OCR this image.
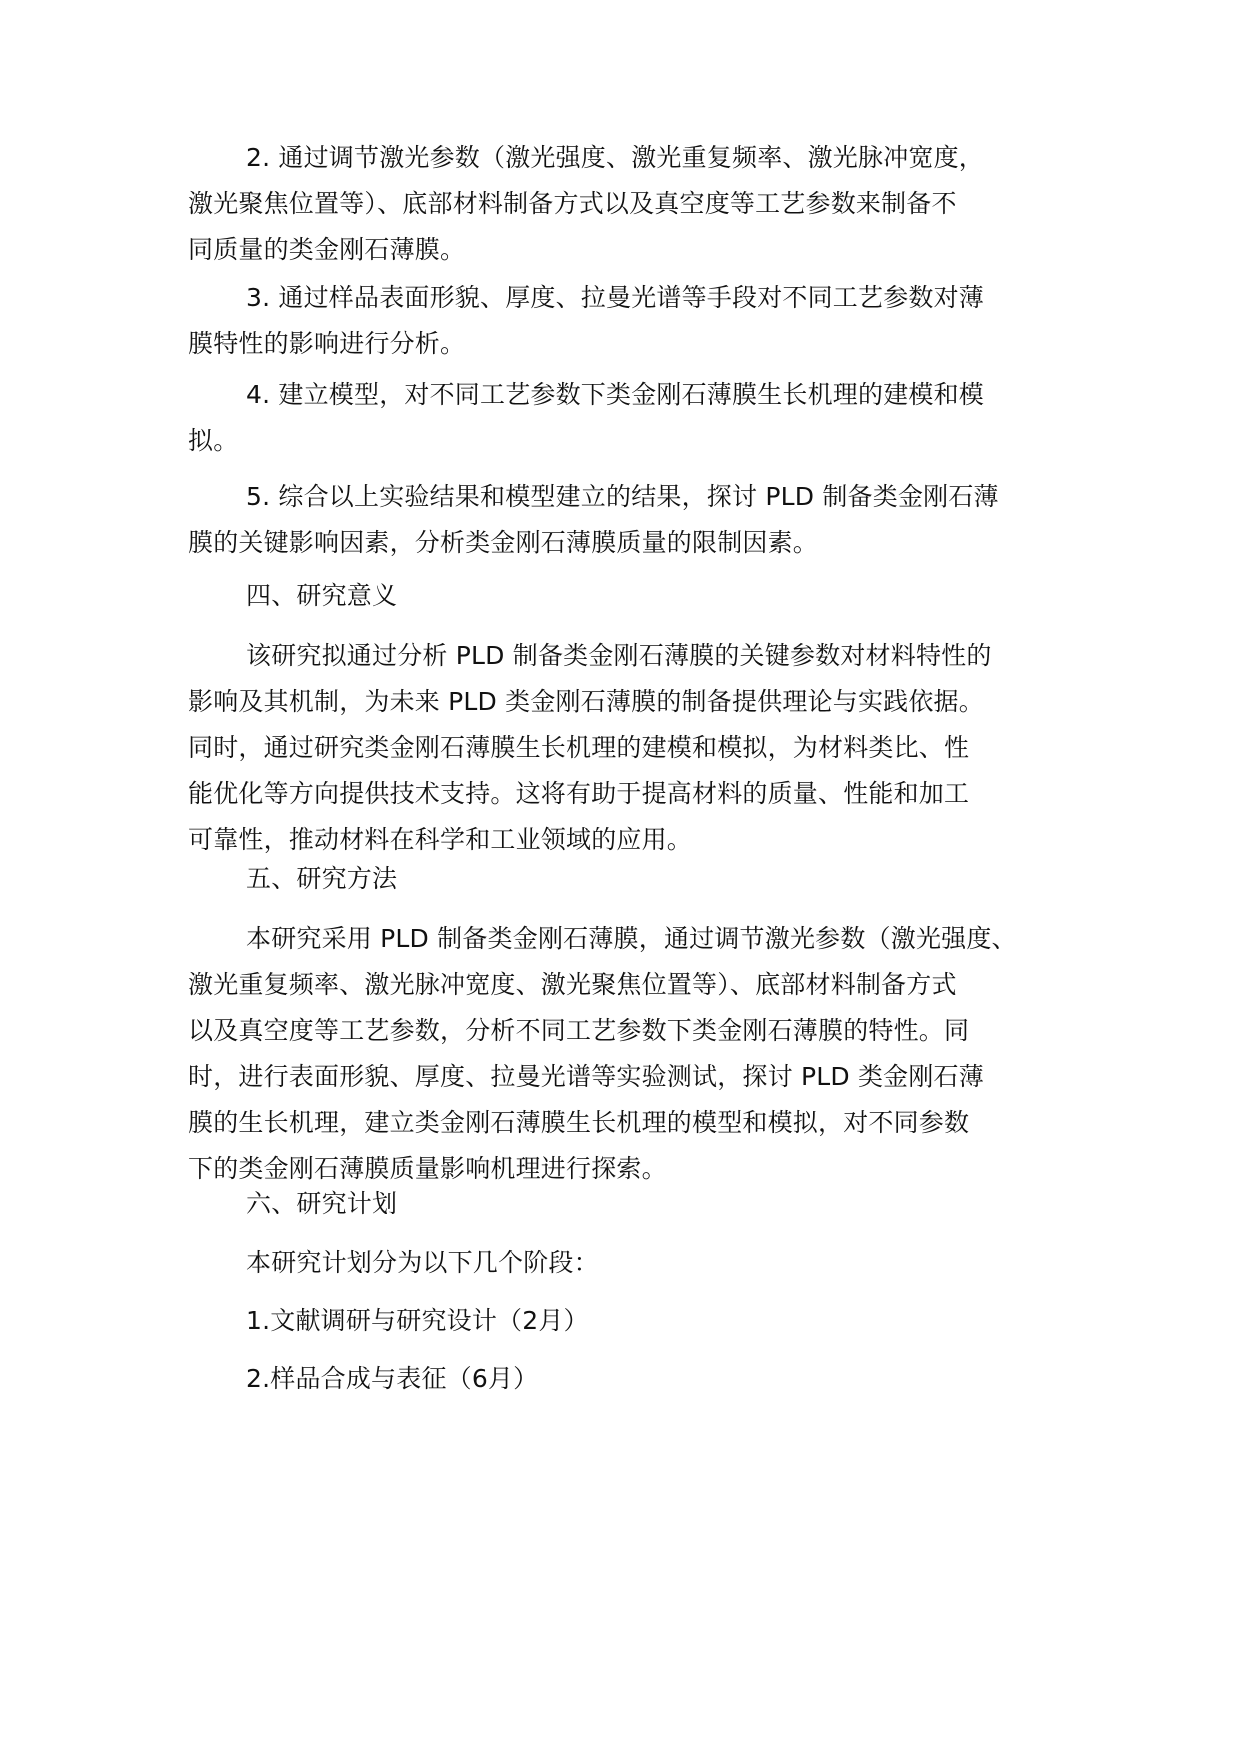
2. 通过调节激光参数（激光强度、激光重复频率、激光脉冲宽度，
激光聚焦位置等）、底部材料制备方式以及真空度等工艺参数来制备不
同质量的类金刚石薄膜。
3. 通过样品表面形貌、厚度、拉曼光谱等手段对不同工艺参数对薄
膜特性的影响进行分析。
4. 建立模型，对不同工艺参数下类金刚石薄膜生长机理的建模和模
拟。
5. 综合以上实验结果和模型建立的结果，探讨 PLD 制备类金刚石薄
膜的关键影响因素，分析类金刚石薄膜质量的限制因素。
四、研究意义
该研究拟通过分析 PLD 制备类金刚石薄膜的关键参数对材料特性的
影响及其机制，为未来 PLD 类金刚石薄膜的制备提供理论与实践依据。
同时，通过研究类金刚石薄膜生长机理的建模和模拟，为材料类比、性
能优化等方向提供技术支持。这将有助于提高材料的质量、性能和加工
可靠性，推动材料在科学和工业领域的应用。
五、研究方法
本研究采用 PLD 制备类金刚石薄膜，通过调节激光参数（激光强度、
激光重复频率、激光脉冲宽度、激光聚焦位置等）、底部材料制备方式
以及真空度等工艺参数，分析不同工艺参数下类金刚石薄膜的特性。同
时，进行表面形貌、厚度、拉曼光谱等实验测试，探讨 PLD 类金刚石薄
膜的生长机理，建立类金刚石薄膜生长机理的模型和模拟，对不同参数
下的类金刚石薄膜质量影响机理进行探索。
六、研究计划
本研究计划分为以下几个阶段：
1.文献调研与研究设计（2月）
2.样品合成与表征（6月）
